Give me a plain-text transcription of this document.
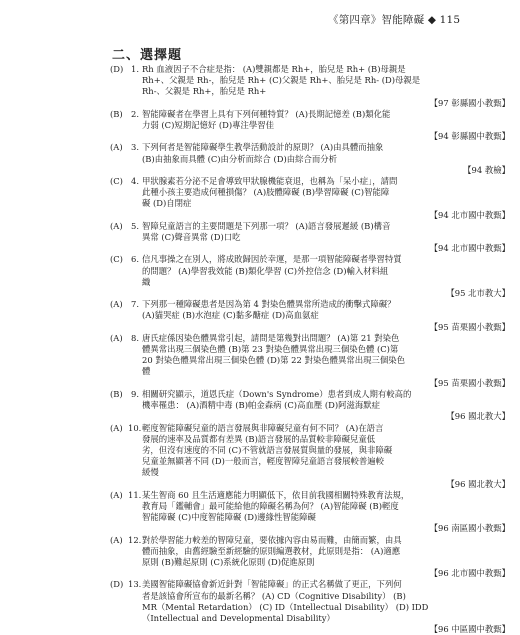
《第四章》智能障礙 ◆ 115
二、選擇題
(D) 1. Rh 血液因子不合症是指： (A)雙親都是 Rh+，胎兒是 Rh+ (B)母親是
Rh+、父親是 Rh-，胎兒是 Rh+ (C)父親是 Rh+、胎兒是 Rh- (D)母親是
Rh-、父親是 Rh+，胎兒是 Rh+
【97 彰縣國小教甄】
(B) 2. 智能障礙者在學習上具有下列何種特質？ (A)長期記憶差 (B)類化能
力弱 (C)短期記憶好 (D)專注學習佳
【94 彰縣國中教甄】
(A)	3. 下列何者是智能障礙學生教學活動設計的原則？ (A)由具體而抽象
(B)由抽象而具體 (C)由分析而綜合 (D)由綜合而分析
【94 教檢】
(C) 4. 甲狀腺素若分泌不足會導致甲狀腺機能衰退，也稱為「呆小症」，請問
此種小孩主要造成何種損傷？ (A)肢體障礙 (B)學習障礙 (C)智能障
礙 (D)自閉症
【94 北市國中教甄】
(A)	5. 智障兒童語言的主要問題是下列那一項？ (A)語言發展遲緩 (B)構音
異常 (C)聲音異常 (D)口吃
【94 北市國中教甄】
(C) 6. 信凡事操之在別人，將成敗歸因於幸運，是那一項智能障礙者學習特質
的問題？ (A)學習我效能 (B)類化學習 (C)外控信念 (D)輸入材料組
織
【95 北市教大】
(A)	7. 下列那一種障礙患者是因為第 4 對染色體異常所造成的衝擊式障礙？
(A)貓哭症 (B)水泡症 (C)黏多醣症 (D)高血氨症
【95 苗栗國小教甄】
(A)	8. 唐氏症係因染色體異常引起，請問是第幾對出問題？ (A)第 21 對染色
體異常出現三個染色體 (B)第 23 對染色體異常出現三個染色體 (C)第
20 對染色體異常出現三個染色體 (D)第 22 對染色體異常出現三個染色
體
【95 苗栗國小教甄】
(B) 9. 相關研究顯示，道恩氏症（Down's Syndrome）患者到成人期有較高的
機率罹患： (A)酒精中毒 (B)帕金森病 (C)高血壓 (D)阿滋海默症
【96 國北教大】
(A) 10. 輕度智能障礙兒童的語言發展與非障礙兒童有何不同？ (A)在語言
發展的速率及品質都有差異 (B)語言發展的品質較非障礙兒童低
劣，但沒有速度的不同 (C)不管就語言發展質與量的發展，與非障礙
兒童並無顯著不同 (D)一般而言，輕度智障兒童語言發展較普遍較
緩慢
【96 國北教大】
(A) 11. 某生智商 60 且生活適應能力明顯低下，依目前我國相關特殊教育法規，
教育局「鑑輔會」最可能給他的障礙名稱為何？ (A)智能障礙 (B)輕度
智能障礙 (C)中度智能障礙 (D)邊緣性智能障礙
【96 南區國小教甄】
(A) 12. 對於學習能力較差的智障兒童，要依據內容由易而難，由簡而繁，由具
體而抽象，由舊經驗至新經驗的原則編選教材，此原則是指： (A)適應
原則 (B)難起原則 (C)系統化原則 (D)促進原則
【96 北市國中教甄】
(D) 13. 美國智能障礙協會新近針對「智能障礙」的正式名稱做了更正，下列何
者是該協會所宣布的最新名稱？ (A) CD（Cognitive Disability） (B)
MR（Mental Retardation） (C) ID（Intellectual Disability） (D) IDD
（Intellectual and Developmental Disability）
【96 中區國中教甄】
